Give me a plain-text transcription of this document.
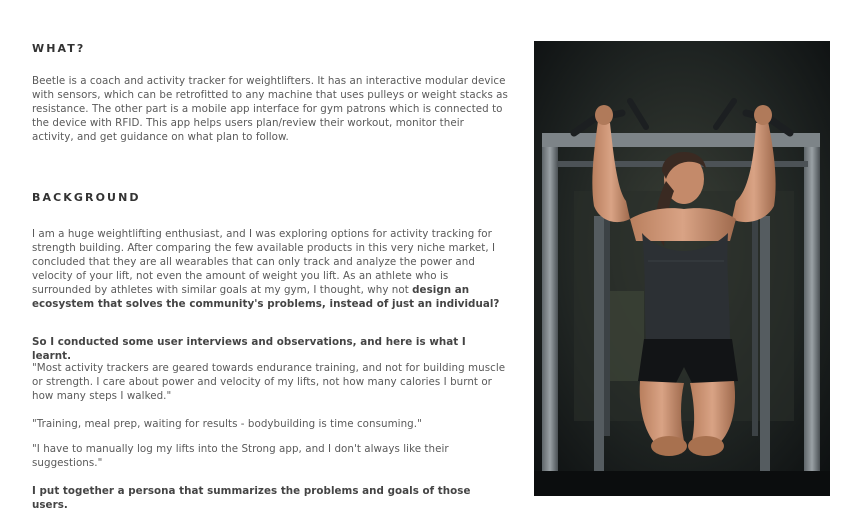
WHAT?

Beetle is a coach and activity tracker for weightlifters. It has an interactive modular device with sensors, which can be retrofitted to any machine that uses pulleys or weight stacks as resistance. The other part is a mobile app interface for gym patrons which is connected to the device with RFID. This app helps users plan/review their workout, monitor their activity, and get guidance on what plan to follow.

BACKGROUND

I am a huge weightlifting enthusiast, and I was exploring options for activity tracking for strength building. After comparing the few available products in this very niche market, I concluded that they are all wearables that can only track and analyze the power and velocity of your lift, not even the amount of weight you lift. As an athlete who is surrounded by athletes with similar goals at my gym, I thought, why not design an ecosystem that solves the community's problems, instead of just an individual?

So I conducted some user interviews and observations, and here is what I learnt.

"Most activity trackers are geared towards endurance training, and not for building muscle or strength. I care about power and velocity of my lifts, not how many calories I burnt or how many steps I walked."

"Training, meal prep, waiting for results - bodybuilding is time consuming."

"I have to manually log my lifts into the Strong app, and I don't always like their suggestions."

I put together a persona that summarizes the problems and goals of those users.
